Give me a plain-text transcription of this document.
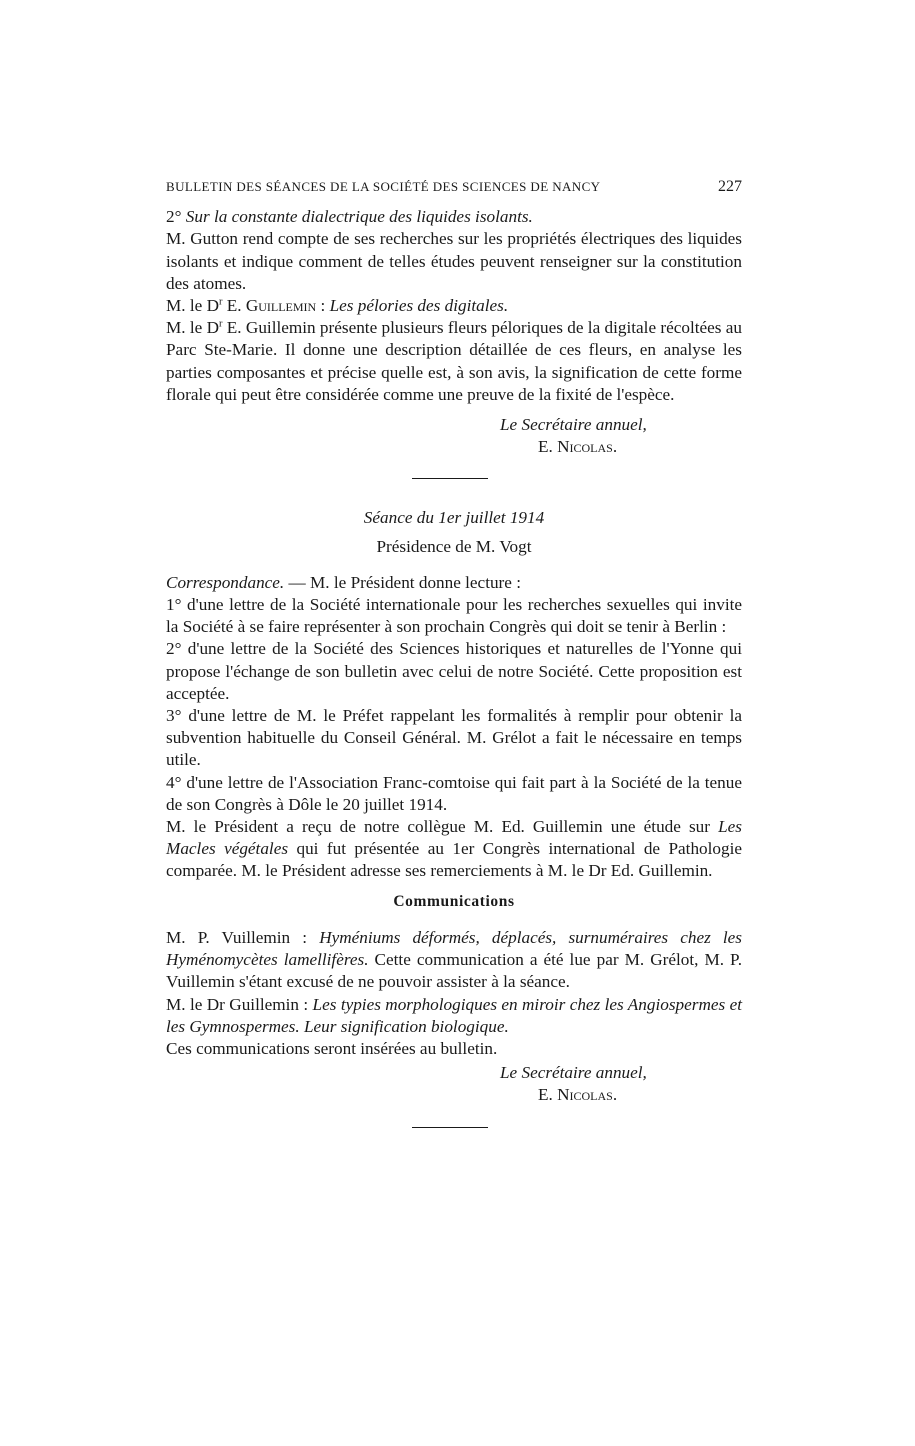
BULLETIN DES SÉANCES DE LA SOCIÉTÉ DES SCIENCES DE NANCY	227

2° Sur la constante dialectrique des liquides isolants.

M. Gutton rend compte de ses recherches sur les propriétés électriques des liquides isolants et indique comment de telles études peuvent renseigner sur la constitution des atomes.

M. le $D^r$ E. Guillemin : Les pélories des digitales.

M. le $D^r$ E. Guillemin présente plusieurs fleurs péloriques de la digitale récoltées au Parc Ste-Marie. Il donne une description détaillée de ces fleurs, en analyse les parties composantes et précise quelle est, à son avis, la signification de cette forme florale qui peut être considérée comme une preuve de la fixité de l'espèce.

Le Secrétaire annuel,
E. Nicolas.
Séance du 1er juillet 1914
Présidence de M. Vogt

Correspondance. — M. le Président donne lecture :

1° d'une lettre de la Société internationale pour les recherches sexuelles qui invite la Société à se faire représenter à son prochain Congrès qui doit se tenir à Berlin :

2° d'une lettre de la Société des Sciences historiques et naturelles de l'Yonne qui propose l'échange de son bulletin avec celui de notre Société. Cette proposition est acceptée.

3° d'une lettre de M. le Préfet rappelant les formalités à remplir pour obtenir la subvention habituelle du Conseil Général. M. Grélot a fait le nécessaire en temps utile.

4° d'une lettre de l'Association Franc-comtoise qui fait part à la Société de la tenue de son Congrès à Dôle le 20 juillet 1914.

M. le Président a reçu de notre collègue M. Ed. Guillemin une étude sur Les Macles végétales qui fut présentée au 1er Congrès international de Pathologie comparée. M. le Président adresse ses remerciements à M. le Dr Ed. Guillemin.

Communications

M. P. Vuillemin : Hyméniums déformés, déplacés, surnuméraires chez les Hyménomycètes lamellifères. Cette communication a été lue par M. Grélot, M. P. Vuillemin s'étant excusé de ne pouvoir assister à la séance.

M. le Dr Guillemin : Les typies morphologiques en miroir chez les Angiospermes et les Gymnospermes. Leur signification biologique.

Ces communications seront insérées au bulletin.

Le Secrétaire annuel,
E. Nicolas.
